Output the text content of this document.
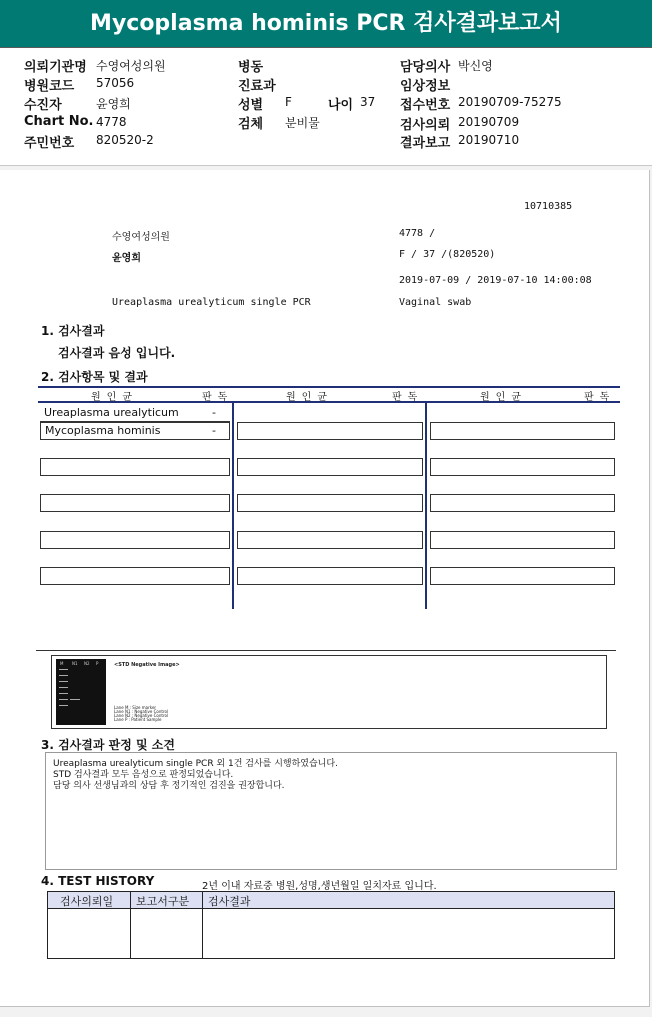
Mycoplasma hominis PCR 검사결과보고서
의뢰기관명 수영여성의원	병동	담당의사 박신영
병원코드 57056	진료과	임상정보
수진자	윤영희	성별 F	나이 37 접수번호 20190709-75275
Chart No. 4778	검체 분비물	검사의뢰 20190709
주민번호 820520-2	결과보고 20190710
10710385
수영여성의원	4778 /
윤영희	F / 37 /(820520)
2019-07-09 / 2019-07-10 14:00:08
Ureaplasma urealyticum single PCR	Vaginal swab
1. 검사결과
검사결과 음성 입니다.
2. 검사항목 및 결과
원인균	판독	원인균	판독	원인균	판독
Ureaplasma urealyticum	-
Mycoplasma hominis	-
M N1 N2 P	<STD Negative Image>
Lane M : Size marker
Lane N1 : Negative Control
Lane N2 : Negative Control
Lane P : Patient Sample
3. 검사결과 판정 및 소견
Ureaplasma urealyticum single PCR 외 1건 검사를 시행하였습니다.
STD 검사결과 모두 음성으로 판정되었습니다.
담당 의사 선생님과의 상담 후 정기적인 검진을 권장합니다.
4. TEST HISTORY	2년 이내 자료중 병원,성명,생년월일 일치자료 입니다.
검사의뢰일 보고서구분 검사결과
